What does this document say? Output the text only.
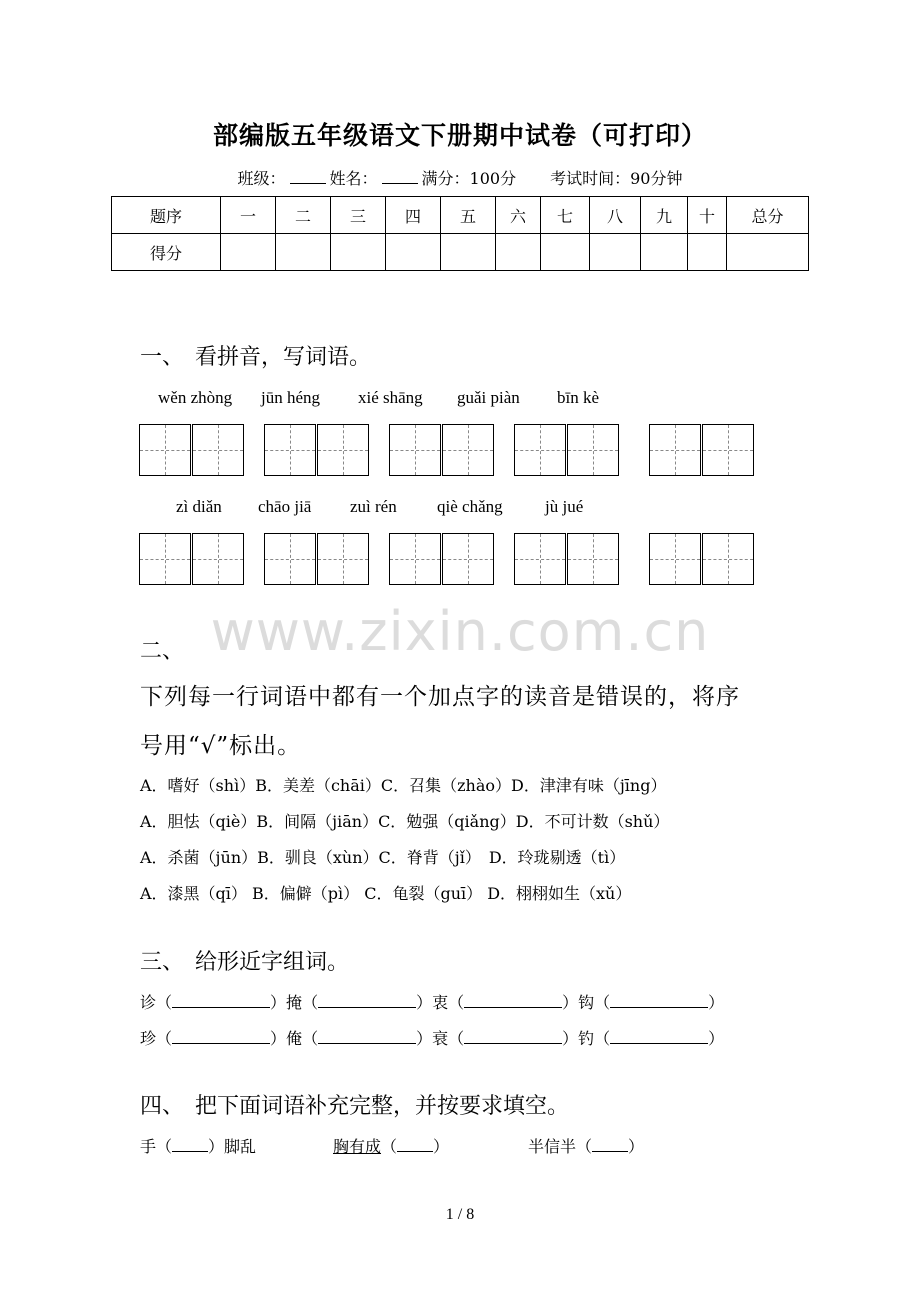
部编版五年级语文下册期中试卷（可打印）
班级：	姓名：	满分：100分 考试时间：90分钟
题序	一	二	三	四	五	六	七	八	九	十	总分
得分											
一、　看拼音，写词语。
wěn zhòng jūn héng xié shāng guǎi piàn bīn kè
zì diǎn chāo jiā zuì rén qiè chǎng jù jué
www.zixin.com.cn
二、
下列每一行词语中都有一个加点字的读音是错误的，将序
号用“√”标出。
A．嗜好（shì）B．美差（chāi）C．召集（zhào）D．津津有味（jīng）
A．胆怯（qiè）B．间隔（jiān）C．勉强（qiǎng）D．不可计数（shǔ）
A．杀菌（jūn）B．驯良（xùn）C．脊背（jǐ）　D．玲珑剔透（tì）
A．漆黑（qī） B．偏僻（pì） C．龟裂（guī） D．栩栩如生（xǔ）
三、　给形近字组词。
诊（	）掩（	）衷（	）钩（	）
珍（	）俺（	）衰（	）钓（	）
四、　把下面词语补充完整，并按要求填空。
手（ ）脚乱	胸有成（ ）	半信半（ ）
1 / 8
